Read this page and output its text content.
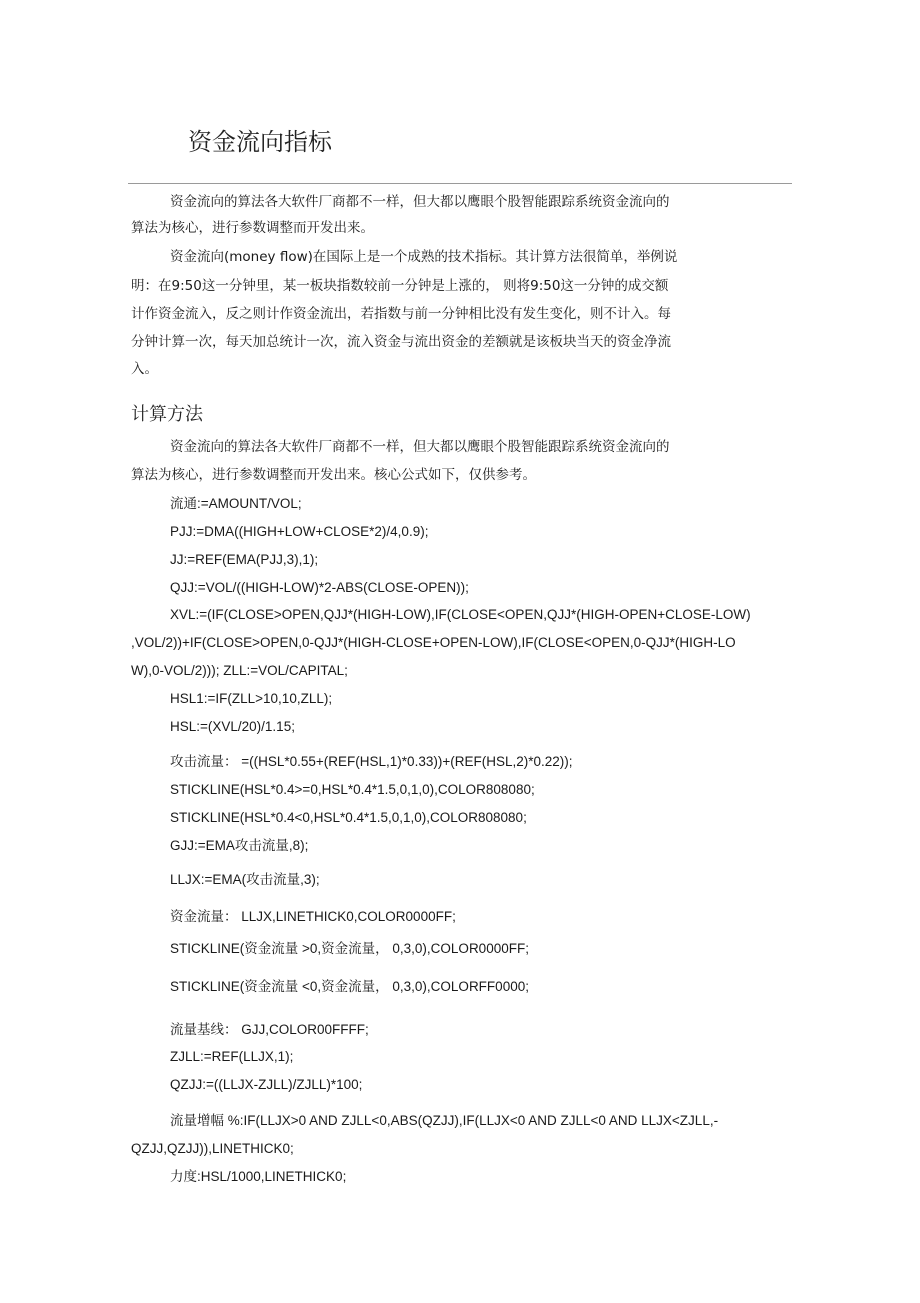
资金流向指标
资金流向的算法各大软件厂商都不一样，但大都以鹰眼个股智能跟踪系统资金流向的
算法为核心，进行参数调整而开发出来。
资金流向(money flow)在国际上是一个成熟的技术指标。其计算方法很简单，举例说
明：在9:50这一分钟里，某一板块指数较前一分钟是上涨的， 则将9:50这一分钟的成交额
计作资金流入，反之则计作资金流出，若指数与前一分钟相比没有发生变化，则不计入。每
分钟计算一次，每天加总统计一次，流入资金与流出资金的差额就是该板块当天的资金净流
入。
计算方法
资金流向的算法各大软件厂商都不一样，但大都以鹰眼个股智能跟踪系统资金流向的
算法为核心，进行参数调整而开发出来。核心公式如下，仅供参考。
流通:=AMOUNT/VOL;
PJJ:=DMA((HIGH+LOW+CLOSE*2)/4,0.9);
JJ:=REF(EMA(PJJ,3),1);
QJJ:=VOL/((HIGH-LOW)*2-ABS(CLOSE-OPEN));
XVL:=(IF(CLOSE>OPEN,QJJ*(HIGH-LOW),IF(CLOSE<OPEN,QJJ*(HIGH-OPEN+CLOSE-LOW)
,VOL/2))+IF(CLOSE>OPEN,0-QJJ*(HIGH-CLOSE+OPEN-LOW),IF(CLOSE<OPEN,0-QJJ*(HIGH-LO
W),0-VOL/2))); ZLL:=VOL/CAPITAL;
HSL1:=IF(ZLL>10,10,ZLL);
HSL:=(XVL/20)/1.15;
攻击流量： =((HSL*0.55+(REF(HSL,1)*0.33))+(REF(HSL,2)*0.22));
STICKLINE(HSL*0.4>=0,HSL*0.4*1.5,0,1,0),COLOR808080;
STICKLINE(HSL*0.4<0,HSL*0.4*1.5,0,1,0),COLOR808080;
GJJ:=EMA攻击流量,8);
LLJX:=EMA(攻击流量,3);
资金流量： LLJX,LINETHICK0,COLOR0000FF;
STICKLINE(资金流量 >0,资金流量， 0,3,0),COLOR0000FF;
STICKLINE(资金流量 <0,资金流量， 0,3,0),COLORFF0000;
流量基线： GJJ,COLOR00FFFF;
ZJLL:=REF(LLJX,1);
QZJJ:=((LLJX-ZJLL)/ZJLL)*100;
流量增幅 %:IF(LLJX>0 AND ZJLL<0,ABS(QZJJ),IF(LLJX<0 AND ZJLL<0 AND LLJX<ZJLL,-
QZJJ,QZJJ)),LINETHICK0;
力度:HSL/1000,LINETHICK0;
